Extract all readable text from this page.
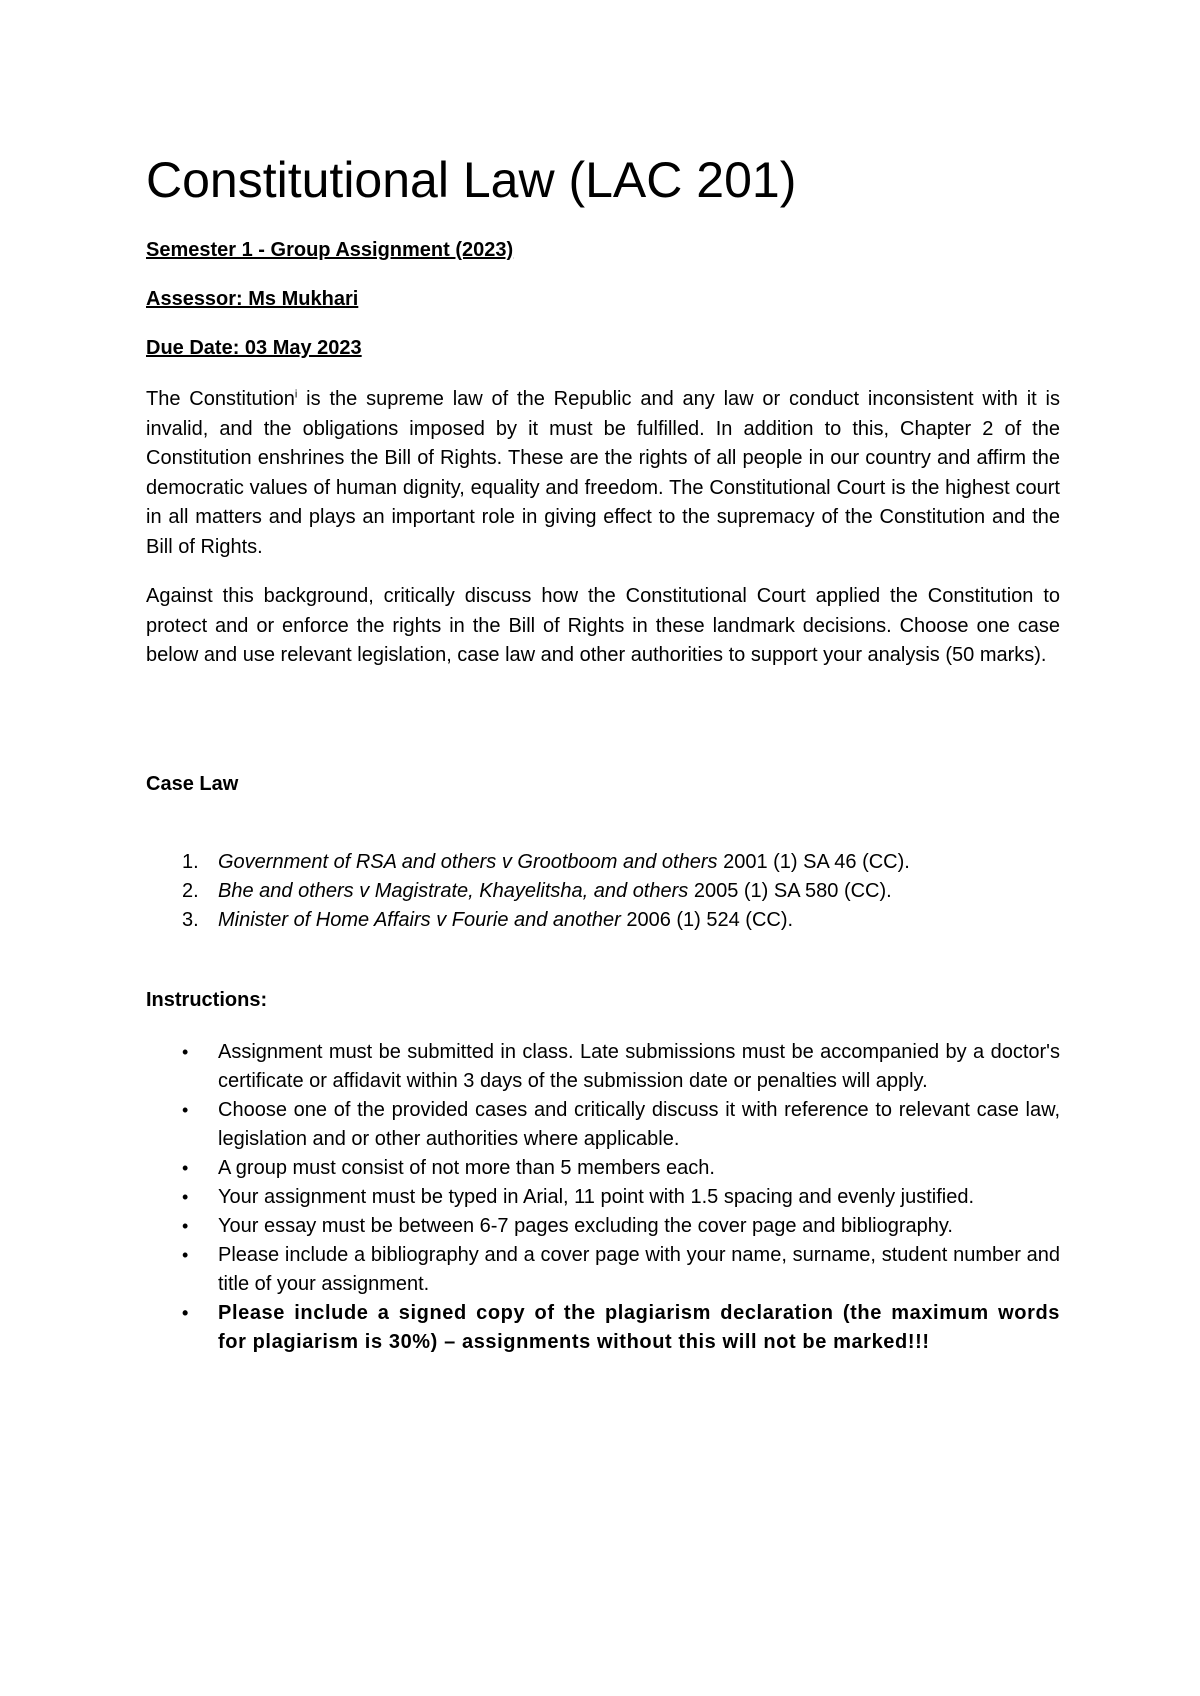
Constitutional Law (LAC 201)

Semester 1 - Group Assignment (2023)

Assessor: Ms Mukhari

Due Date: 03 May 2023

The Constitution$^i$ is the supreme law of the Republic and any law or conduct inconsistent with it is invalid, and the obligations imposed by it must be fulfilled. In addition to this, Chapter 2 of the Constitution enshrines the Bill of Rights. These are the rights of all people in our country and affirm the democratic values of human dignity, equality and freedom. The Constitutional Court is the highest court in all matters and plays an important role in giving effect to the supremacy of the Constitution and the Bill of Rights.

Against this background, critically discuss how the Constitutional Court applied the Constitution to protect and or enforce the rights in the Bill of Rights in these landmark decisions. Choose one case below and use relevant legislation, case law and other authorities to support your analysis (50 marks).

Case Law
1. Government of RSA and others v Grootboom and others 2001 (1) SA 46 (CC).
2. Bhe and others v Magistrate, Khayelitsha, and others 2005 (1) SA 580 (CC).
3. Minister of Home Affairs v Fourie and another 2006 (1) 524 (CC).
Instructions:
• Assignment must be submitted in class. Late submissions must be accompanied by a doctor's certificate or affidavit within 3 days of the submission date or penalties will apply.
• Choose one of the provided cases and critically discuss it with reference to relevant case law, legislation and or other authorities where applicable.
• A group must consist of not more than 5 members each.
• Your assignment must be typed in Arial, 11 point with 1.5 spacing and evenly justified.
• Your essay must be between 6-7 pages excluding the cover page and bibliography.
• Please include a bibliography and a cover page with your name, surname, student number and title of your assignment.
• Please include a signed copy of the plagiarism declaration (the maximum words for plagiarism is 30%) – assignments without this will not be marked!!!
